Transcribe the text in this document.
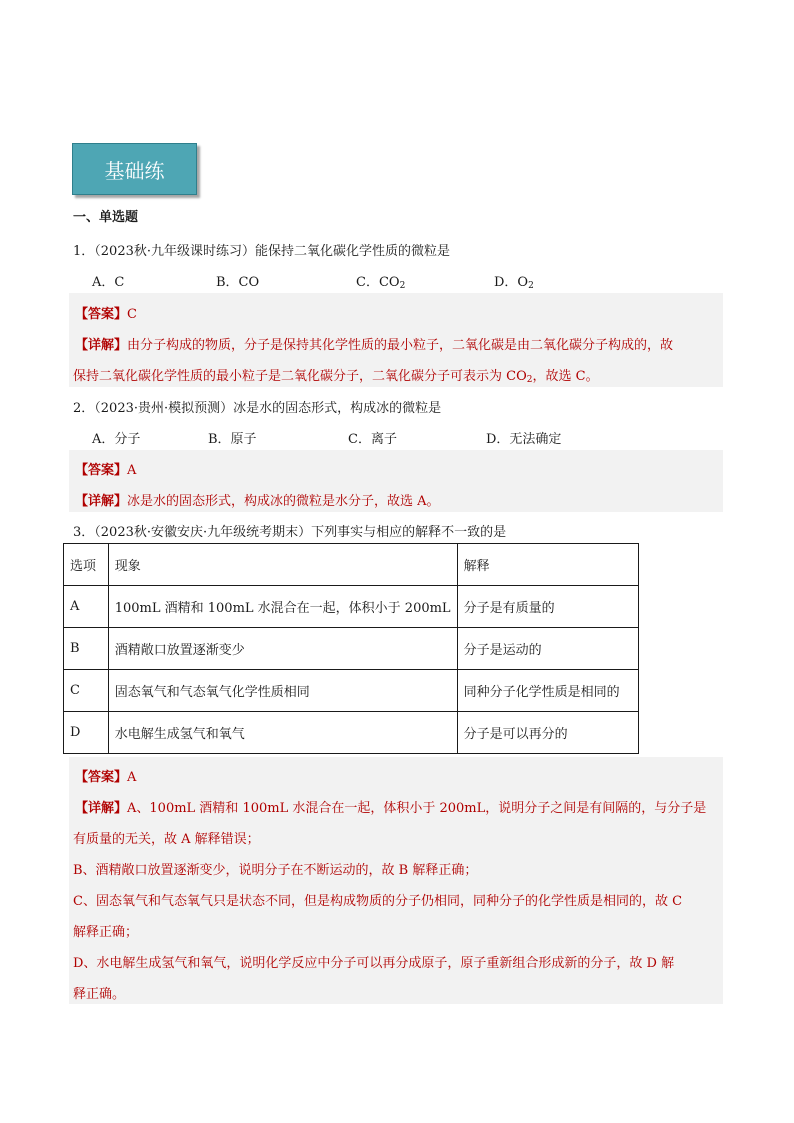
基础练
一、单选题
1．（2023秋·九年级课时练习）能保持二氧化碳化学性质的微粒是
A．C	B．CO	C．$CO_2$	D．$O_2$
【答案】C
【详解】由分子构成的物质，分子是保持其化学性质的最小粒子，二氧化碳是由二氧化碳分子构成的，故
保持二氧化碳化学性质的最小粒子是二氧化碳分子，二氧化碳分子可表示为 $CO_2$，故选 C。
2．（2023·贵州·模拟预测）冰是水的固态形式，构成冰的微粒是
A．分子	B．原子	C．离子	D．无法确定
【答案】A
【详解】冰是水的固态形式，构成冰的微粒是水分子，故选 A。
3．（2023秋·安徽安庆·九年级统考期末）下列事实与相应的解释不一致的是
选项	现象	解释
A	100mL 酒精和 100mL 水混合在一起，体积小于 200mL	分子是有质量的
B	酒精敞口放置逐渐变少	分子是运动的
C	固态氧气和气态氧气化学性质相同	同种分子化学性质是相同的
D	水电解生成氢气和氧气	分子是可以再分的
【答案】A
【详解】A、100mL 酒精和 100mL 水混合在一起，体积小于 200mL，说明分子之间是有间隔的，与分子是
有质量的无关，故 A 解释错误；
B、酒精敞口放置逐渐变少，说明分子在不断运动的，故 B 解释正确；
C、固态氧气和气态氧气只是状态不同，但是构成物质的分子仍相同，同种分子的化学性质是相同的，故 C
解释正确；
D、水电解生成氢气和氧气，说明化学反应中分子可以再分成原子，原子重新组合形成新的分子，故 D 解
释正确。
